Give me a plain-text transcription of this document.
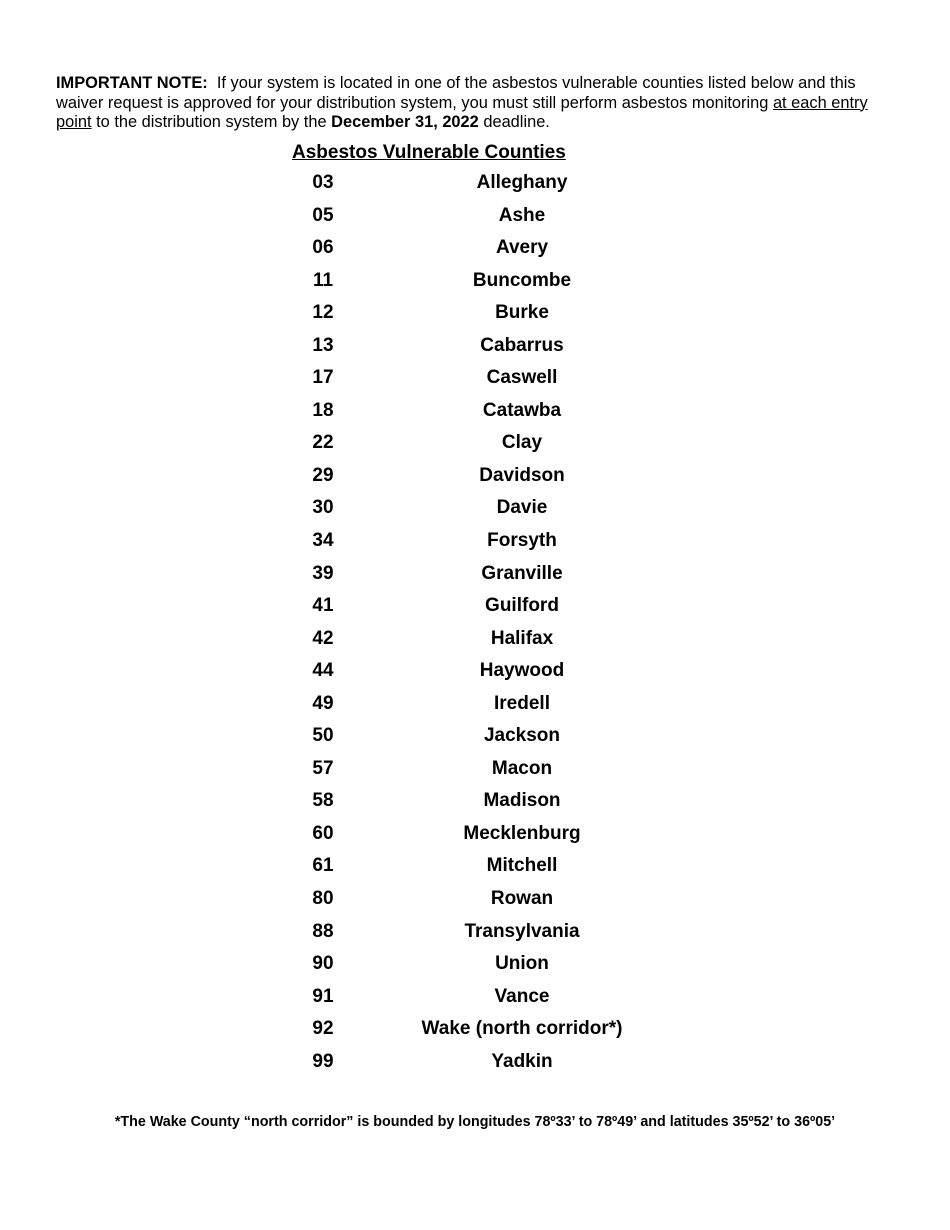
IMPORTANT NOTE: If your system is located in one of the asbestos vulnerable counties listed below and this waiver request is approved for your distribution system, you must still perform asbestos monitoring at each entry point to the distribution system by the December 31, 2022 deadline.
Asbestos Vulnerable Counties
03	Alleghany
05	Ashe
06	Avery
11	Buncombe
12	Burke
13	Cabarrus
17	Caswell
18	Catawba
22	Clay
29	Davidson
30	Davie
34	Forsyth
39	Granville
41	Guilford
42	Halifax
44	Haywood
49	Iredell
50	Jackson
57	Macon
58	Madison
60	Mecklenburg
61	Mitchell
80	Rowan
88	Transylvania
90	Union
91	Vance
92	Wake (north corridor*)
99	Yadkin
*The Wake County “north corridor” is bounded by longitudes 78º33’ to 78º49’ and latitudes 35º52’ to 36º05’
